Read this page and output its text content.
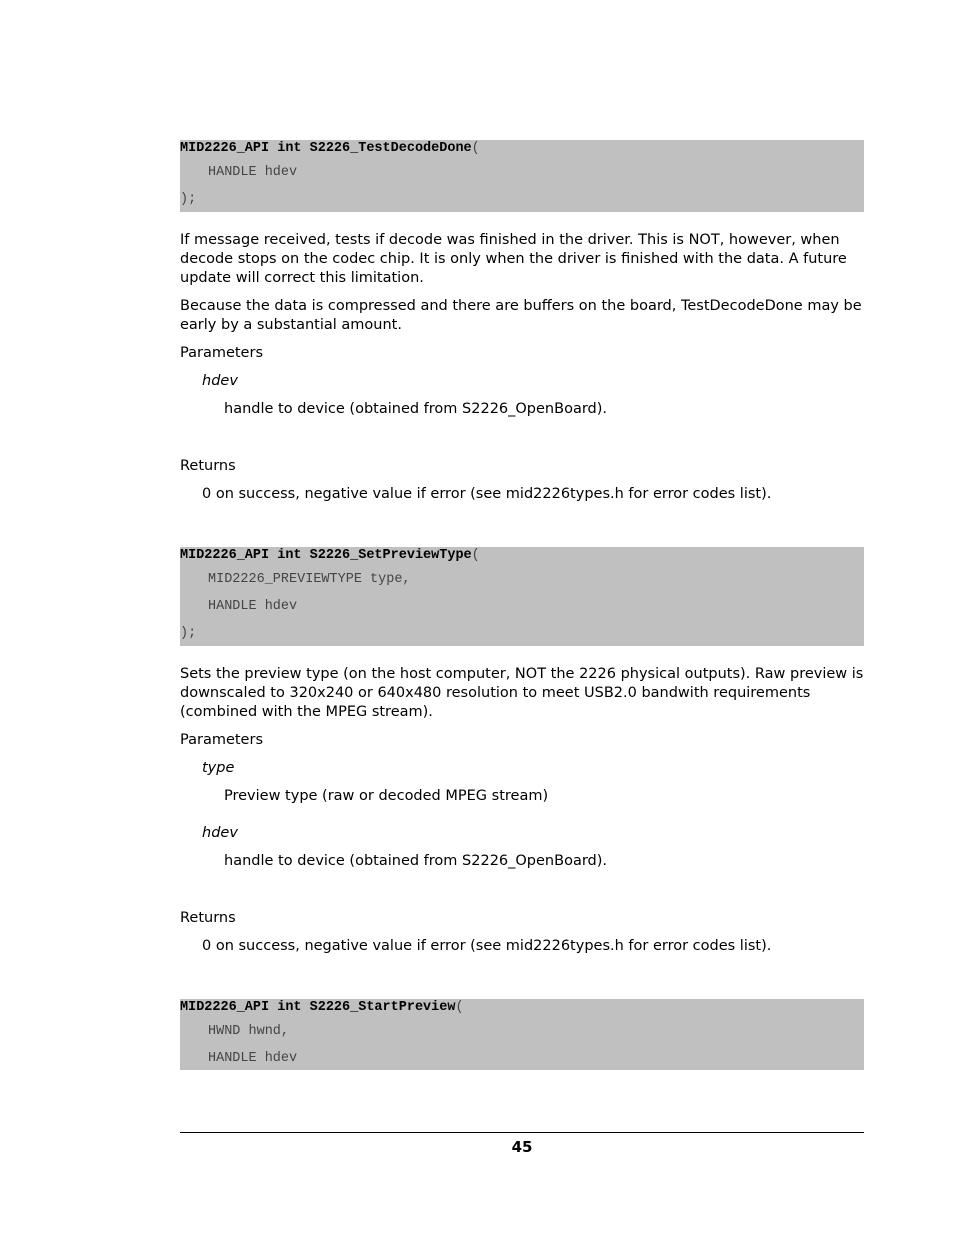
MID2226_API int S2226_TestDecodeDone(
HANDLE hdev
);

If message received, tests if decode was finished in the driver. This is NOT, however, when decode stops on the codec chip. It is only when the driver is finished with the data. A future update will correct this limitation.

Because the data is compressed and there are buffers on the board, TestDecodeDone may be early by a substantial amount.

Parameters

hdev

handle to device (obtained from S2226_OpenBoard).

Returns

0 on success, negative value if error (see mid2226types.h for error codes list).

MID2226_API int S2226_SetPreviewType(
MID2226_PREVIEWTYPE type,
HANDLE hdev
);

Sets the preview type (on the host computer, NOT the 2226 physical outputs). Raw preview is downscaled to 320x240 or 640x480 resolution to meet USB2.0 bandwith requirements (combined with the MPEG stream).

Parameters

type

Preview type (raw or decoded MPEG stream)

hdev

handle to device (obtained from S2226_OpenBoard).

Returns

0 on success, negative value if error (see mid2226types.h for error codes list).

MID2226_API int S2226_StartPreview(
HWND hwnd,
HANDLE hdev
45
